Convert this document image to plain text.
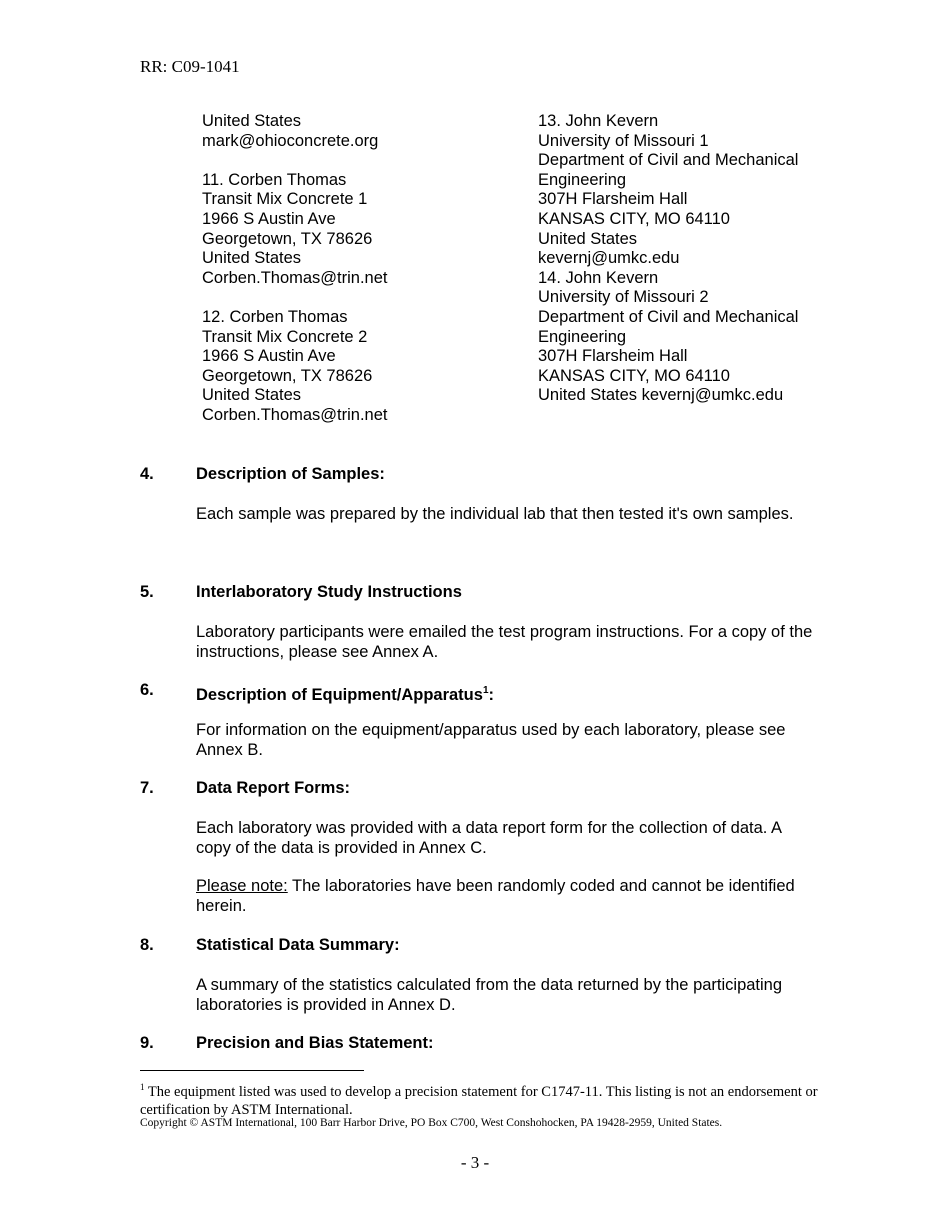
RR: C09-1041
United States
mark@ohioconcrete.org
11. Corben Thomas
Transit Mix Concrete 1
1966 S Austin Ave
Georgetown, TX 78626
United States
Corben.Thomas@trin.net
12. Corben Thomas
Transit Mix Concrete 2
1966 S Austin Ave
Georgetown, TX 78626
United States
Corben.Thomas@trin.net
13. John Kevern
University of Missouri 1
Department of Civil and Mechanical
Engineering
307H Flarsheim Hall
KANSAS CITY, MO 64110
United States
kevernj@umkc.edu
14. John Kevern
University of Missouri 2
Department of Civil and Mechanical
Engineering
307H Flarsheim Hall
KANSAS CITY, MO 64110
United States kevernj@umkc.edu
4.	Description of Samples:
Each sample was prepared by the individual lab that then tested it's own samples.
5.	Interlaboratory Study Instructions
Laboratory participants were emailed the test program instructions. For a copy of the instructions, please see Annex A.
6.	Description of Equipment/Apparatus$^1$:
For information on the equipment/apparatus used by each laboratory, please see Annex B.
7.	Data Report Forms:
Each laboratory was provided with a data report form for the collection of data. A copy of the data is provided in Annex C.
Please note: The laboratories have been randomly coded and cannot be identified herein.
8.	Statistical Data Summary:
A summary of the statistics calculated from the data returned by the participating laboratories is provided in Annex D.
9.	Precision and Bias Statement:
$^1$ The equipment listed was used to develop a precision statement for C1747-11. This listing is not an endorsement or certification by ASTM International.
Copyright © ASTM International, 100 Barr Harbor Drive, PO Box C700, West Conshohocken, PA 19428-2959, United States.
- 3 -
